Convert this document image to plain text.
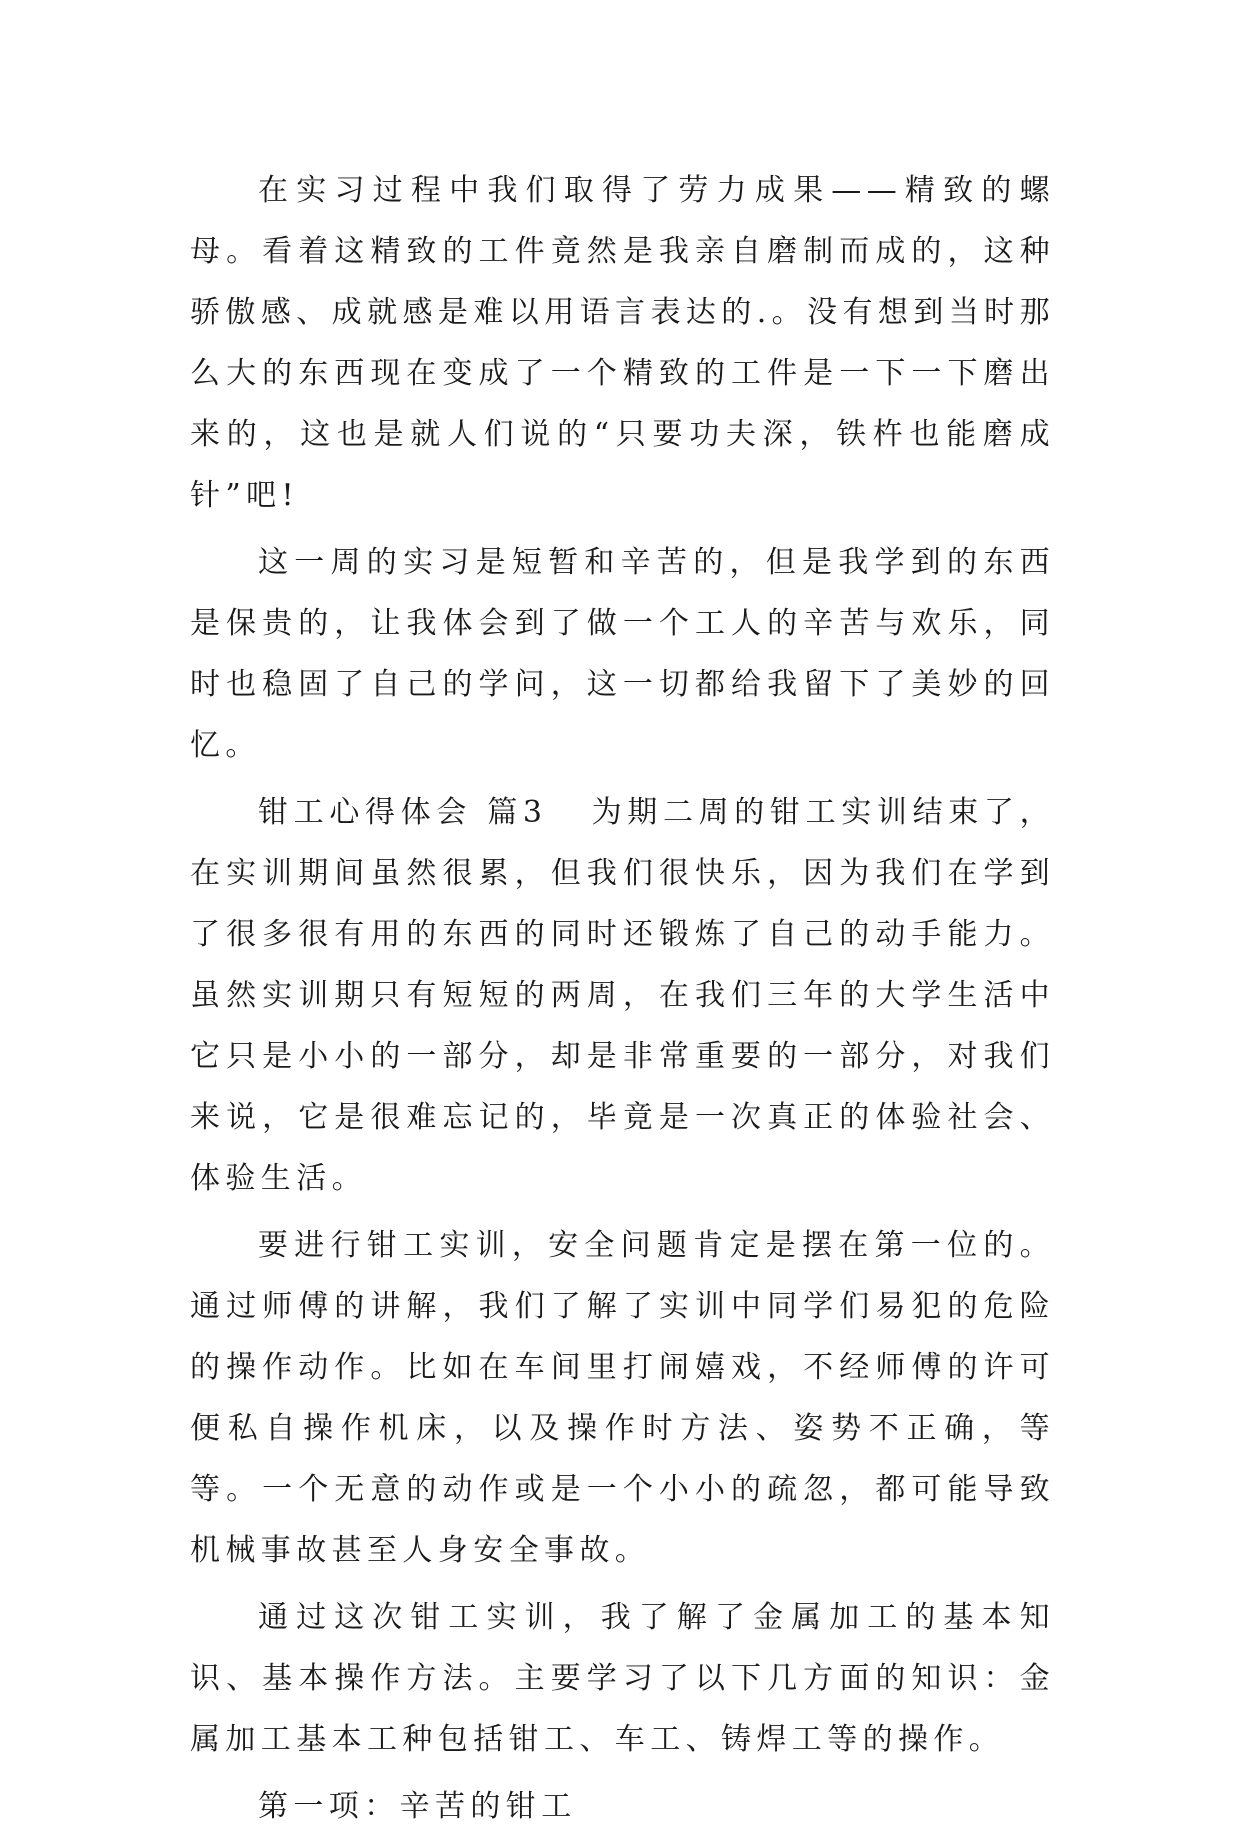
在实习过程中我们取得了劳力成果——精致的螺母。看着这精致的工件竟然是我亲自磨制而成的，这种骄傲感、成就感是难以用语言表达的.。没有想到当时那么大的东西现在变成了一个精致的工件是一下一下磨出来的，这也是就人们说的“只要功夫深，铁杵也能磨成针”吧!

这一周的实习是短暂和辛苦的，但是我学到的东西是保贵的，让我体会到了做一个工人的辛苦与欢乐，同时也稳固了自己的学问，这一切都给我留下了美妙的回忆。

钳工心得体会 篇3 为期二周的钳工实训结束了，在实训期间虽然很累，但我们很快乐，因为我们在学到了很多很有用的东西的同时还锻炼了自己的动手能力。虽然实训期只有短短的两周，在我们三年的大学生活中它只是小小的一部分，却是非常重要的一部分，对我们来说，它是很难忘记的，毕竟是一次真正的体验社会、体验生活。

要进行钳工实训，安全问题肯定是摆在第一位的。通过师傅的讲解，我们了解了实训中同学们易犯的危险的操作动作。比如在车间里打闹嬉戏，不经师傅的许可便私自操作机床，以及操作时方法、姿势不正确，等等。一个无意的动作或是一个小小的疏忽，都可能导致机械事故甚至人身安全事故。

通过这次钳工实训，我了解了金属加工的基本知识、基本操作方法。主要学习了以下几方面的知识：金属加工基本工种包括钳工、车工、铸焊工等的操作。

第一项：辛苦的钳工
